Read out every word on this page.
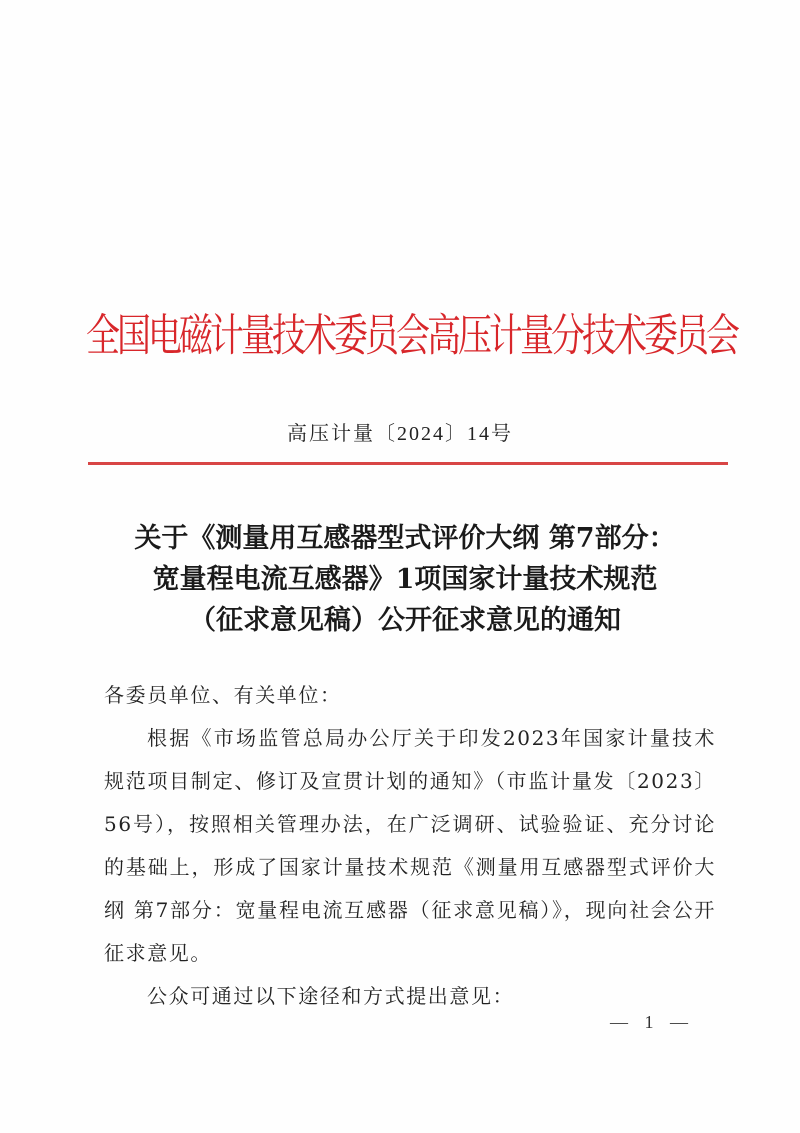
全国电磁计量技术委员会高压计量分技术委员会
高压计量〔2024〕14号
关于《测量用互感器型式评价大纲 第7部分：
宽量程电流互感器》1项国家计量技术规范
（征求意见稿）公开征求意见的通知

各委员单位、有关单位：

根据《市场监管总局办公厅关于印发2023年国家计量技术规范项目制定、修订及宣贯计划的通知》（市监计量发〔2023〕56号），按照相关管理办法，在广泛调研、试验验证、充分讨论的基础上，形成了国家计量技术规范《测量用互感器型式评价大纲 第7部分：宽量程电流互感器（征求意见稿）》，现向社会公开征求意见。

公众可通过以下途径和方式提出意见：

— 1 —
